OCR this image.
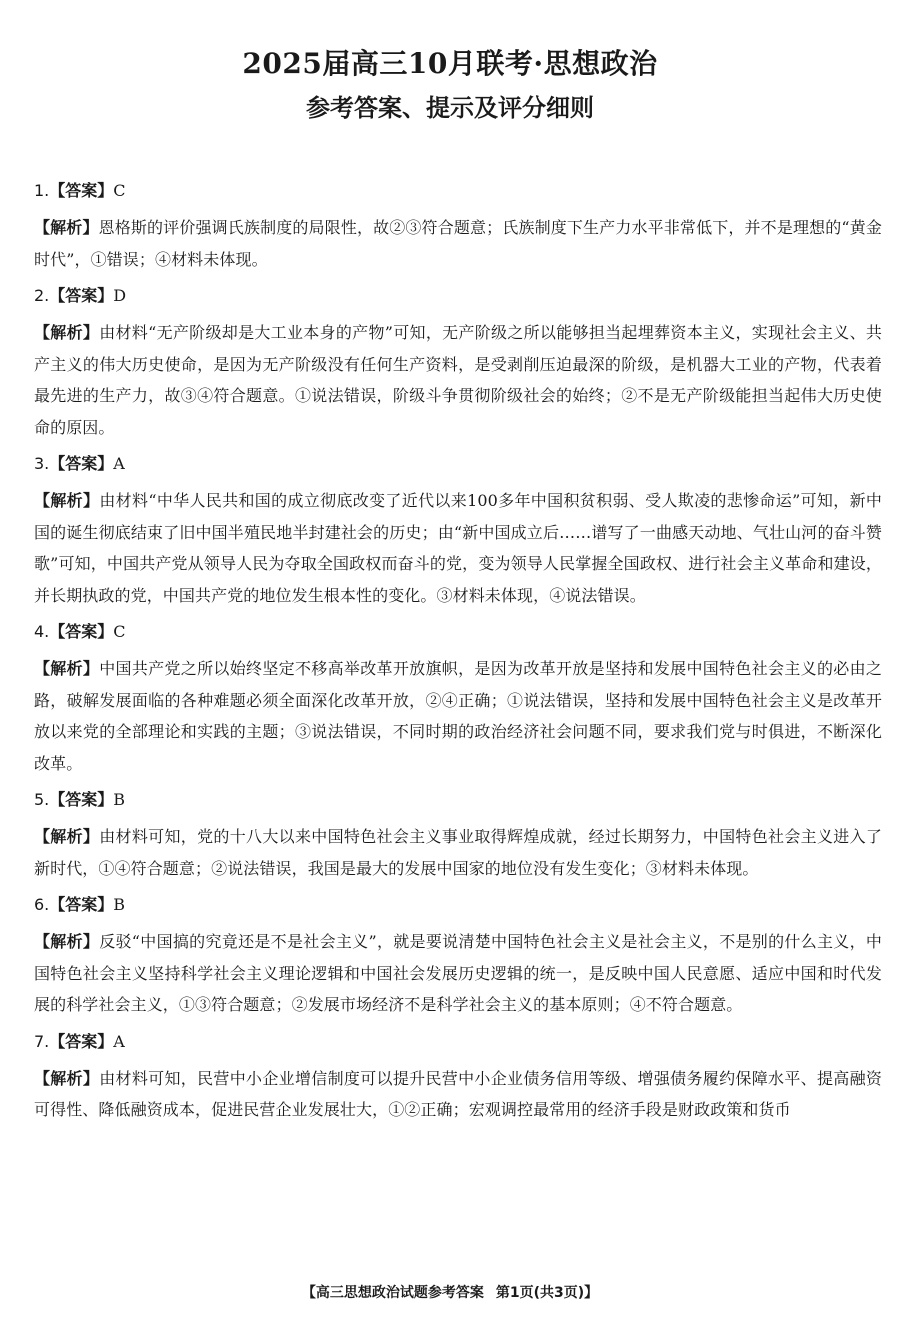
2025届高三10月联考·思想政治
参考答案、提示及评分细则
1.【答案】C
【解析】恩格斯的评价强调氏族制度的局限性，故②③符合题意；氏族制度下生产力水平非常低下，并不是理想的“黄金时代”，①错误；④材料未体现。
2.【答案】D
【解析】由材料“无产阶级却是大工业本身的产物”可知，无产阶级之所以能够担当起埋葬资本主义，实现社会主义、共产主义的伟大历史使命，是因为无产阶级没有任何生产资料，是受剥削压迫最深的阶级，是机器大工业的产物，代表着最先进的生产力，故③④符合题意。①说法错误，阶级斗争贯彻阶级社会的始终；②不是无产阶级能担当起伟大历史使命的原因。
3.【答案】A
【解析】由材料“中华人民共和国的成立彻底改变了近代以来100多年中国积贫积弱、受人欺凌的悲惨命运”可知，新中国的诞生彻底结束了旧中国半殖民地半封建社会的历史；由“新中国成立后……谱写了一曲感天动地、气壮山河的奋斗赞歌”可知，中国共产党从领导人民为夺取全国政权而奋斗的党，变为领导人民掌握全国政权、进行社会主义革命和建设，并长期执政的党，中国共产党的地位发生根本性的变化。③材料未体现，④说法错误。
4.【答案】C
【解析】中国共产党之所以始终坚定不移高举改革开放旗帜，是因为改革开放是坚持和发展中国特色社会主义的必由之路，破解发展面临的各种难题必须全面深化改革开放，②④正确；①说法错误，坚持和发展中国特色社会主义是改革开放以来党的全部理论和实践的主题；③说法错误，不同时期的政治经济社会问题不同，要求我们党与时俱进，不断深化改革。
5.【答案】B
【解析】由材料可知，党的十八大以来中国特色社会主义事业取得辉煌成就，经过长期努力，中国特色社会主义进入了新时代，①④符合题意；②说法错误，我国是最大的发展中国家的地位没有发生变化；③材料未体现。
6.【答案】B
【解析】反驳“中国搞的究竟还是不是社会主义”，就是要说清楚中国特色社会主义是社会主义，不是别的什么主义，中国特色社会主义坚持科学社会主义理论逻辑和中国社会发展历史逻辑的统一，是反映中国人民意愿、适应中国和时代发展的科学社会主义，①③符合题意；②发展市场经济不是科学社会主义的基本原则；④不符合题意。
7.【答案】A
【解析】由材料可知，民营中小企业增信制度可以提升民营中小企业债务信用等级、增强债务履约保障水平、提高融资可得性、降低融资成本，促进民营企业发展壮大，①②正确；宏观调控最常用的经济手段是财政政策和货币
【高三思想政治试题参考答案 第1页(共3页)】
